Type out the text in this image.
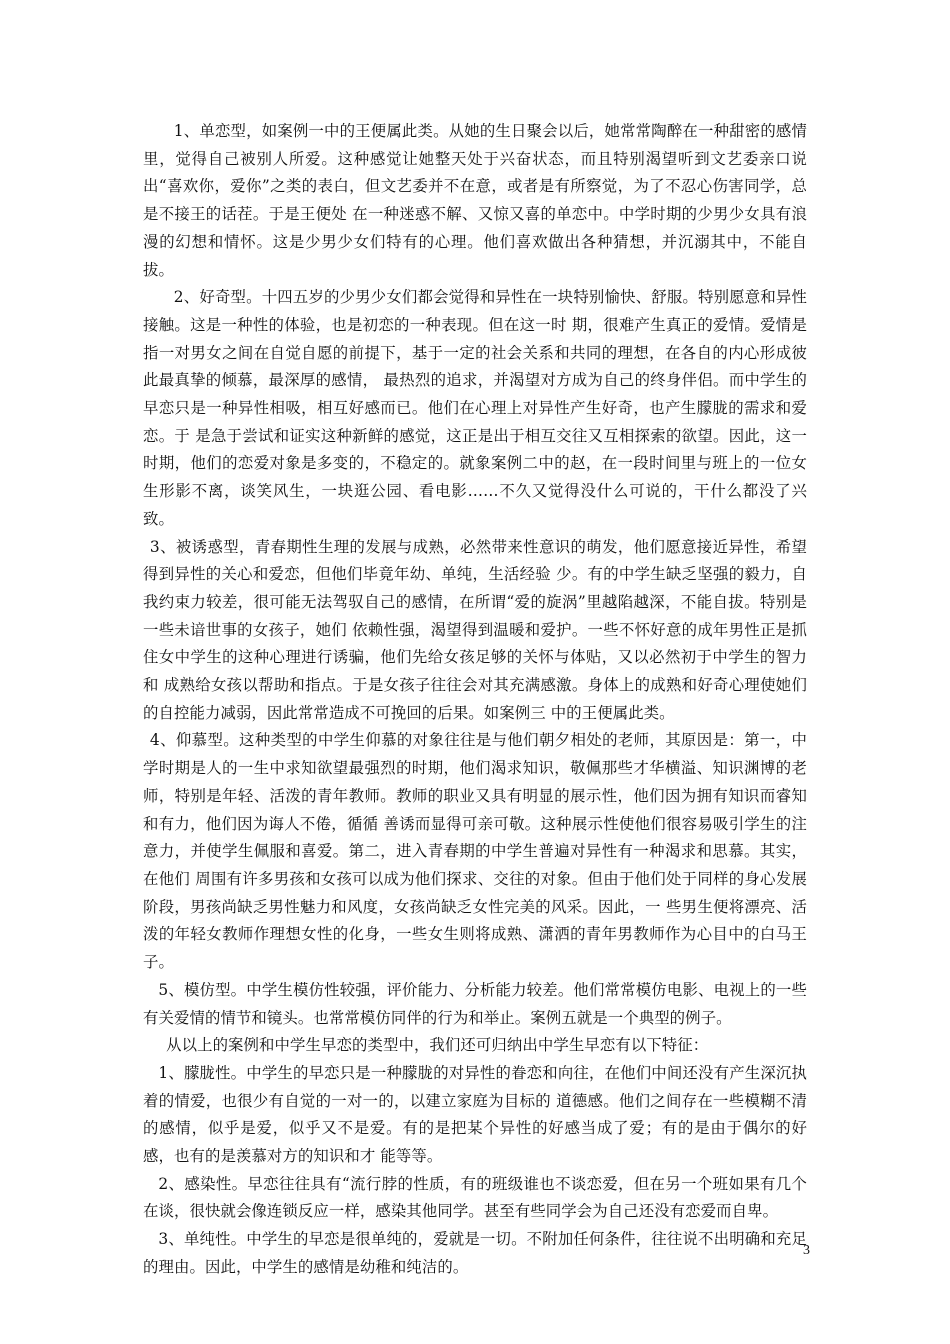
1、单恋型，如案例一中的王便属此类。从她的生日聚会以后，她常常陶醉在一种甜密的感情里，觉得自己被别人所爱。这种感觉让她整天处于兴奋状态，而且特别渴望听到文艺委亲口说出“喜欢你，爱你”之类的表白，但文艺委并不在意，或者是有所察觉，为了不忍心伤害同学，总是不接王的话茬。于是王便处 在一种迷惑不解、又惊又喜的单恋中。中学时期的少男少女具有浪漫的幻想和情怀。这是少男少女们特有的心理。他们喜欢做出各种猜想，并沉溺其中，不能自拔。

2、好奇型。十四五岁的少男少女们都会觉得和异性在一块特别愉快、舒服。特别愿意和异性接触。这是一种性的体验，也是初恋的一种表现。但在这一时 期，很难产生真正的爱情。爱情是指一对男女之间在自觉自愿的前提下，基于一定的社会关系和共同的理想，在各自的内心形成彼此最真挚的倾慕，最深厚的感情， 最热烈的追求，并渴望对方成为自己的终身伴侣。而中学生的早恋只是一种异性相吸，相互好感而已。他们在心理上对异性产生好奇，也产生朦胧的需求和爱恋。于 是急于尝试和证实这种新鲜的感觉，这正是出于相互交往又互相探索的欲望。因此，这一时期，他们的恋爱对象是多变的，不稳定的。就象案例二中的赵，在一段时间里与班上的一位女生形影不离，谈笑风生，一块逛公园、看电影……不久又觉得没什么可说的，干什么都没了兴致。

3、被诱惑型，青春期性生理的发展与成熟，必然带来性意识的萌发，他们愿意接近异性，希望得到异性的关心和爱恋，但他们毕竟年幼、单纯，生活经验 少。有的中学生缺乏坚强的毅力，自我约束力较差，很可能无法驾驭自己的感情，在所谓“爱的旋涡”里越陷越深，不能自拔。特别是一些未谙世事的女孩子，她们 依赖性强，渴望得到温暖和爱护。一些不怀好意的成年男性正是抓住女中学生的这种心理进行诱骗，他们先给女孩足够的关怀与体贴，又以必然初于中学生的智力和 成熟给女孩以帮助和指点。于是女孩子往往会对其充满感激。身体上的成熟和好奇心理使她们的自控能力减弱，因此常常造成不可挽回的后果。如案例三 中的王便属此类。

4、仰慕型。这种类型的中学生仰慕的对象往往是与他们朝夕相处的老师，其原因是：第一，中学时期是人的一生中求知欲望最强烈的时期，他们渴求知识，敬佩那些才华横溢、知识渊博的老师，特别是年轻、活泼的青年教师。教师的职业又具有明显的展示性，他们因为拥有知识而睿知和有力，他们因为诲人不倦，循循 善诱而显得可亲可敬。这种展示性使他们很容易吸引学生的注意力，并使学生佩服和喜爱。第二，进入青春期的中学生普遍对异性有一种渴求和思慕。其实，在他们 周围有许多男孩和女孩可以成为他们探求、交往的对象。但由于他们处于同样的身心发展阶段，男孩尚缺乏男性魅力和风度，女孩尚缺乏女性完美的风采。因此，一 些男生便将漂亮、活泼的年轻女教师作理想女性的化身，一些女生则将成熟、潇洒的青年男教师作为心目中的白马王子。

5、模仿型。中学生模仿性较强，评价能力、分析能力较差。他们常常模仿电影、电视上的一些有关爱情的情节和镜头。也常常模仿同伴的行为和举止。案例五就是一个典型的例子。

从以上的案例和中学生早恋的类型中，我们还可归纳出中学生早恋有以下特征：

1、朦胧性。中学生的早恋只是一种朦胧的对异性的眷恋和向往，在他们中间还没有产生深沉执着的情爱，也很少有自觉的一对一的，以建立家庭为目标的 道德感。他们之间存在一些模糊不清的感情，似乎是爱，似乎又不是爱。有的是把某个异性的好感当成了爱；有的是由于偶尔的好感，也有的是羡慕对方的知识和才 能等等。

2、感染性。早恋往往具有“流行脖的性质，有的班级谁也不谈恋爱，但在另一个班如果有几个在谈，很快就会像连锁反应一样，感染其他同学。甚至有些同学会为自己还没有恋爱而自卑。

3、单纯性。中学生的早恋是很单纯的，爱就是一切。不附加任何条件，往往说不出明确和充足的理由。因此，中学生的感情是幼稚和纯洁的。

3
